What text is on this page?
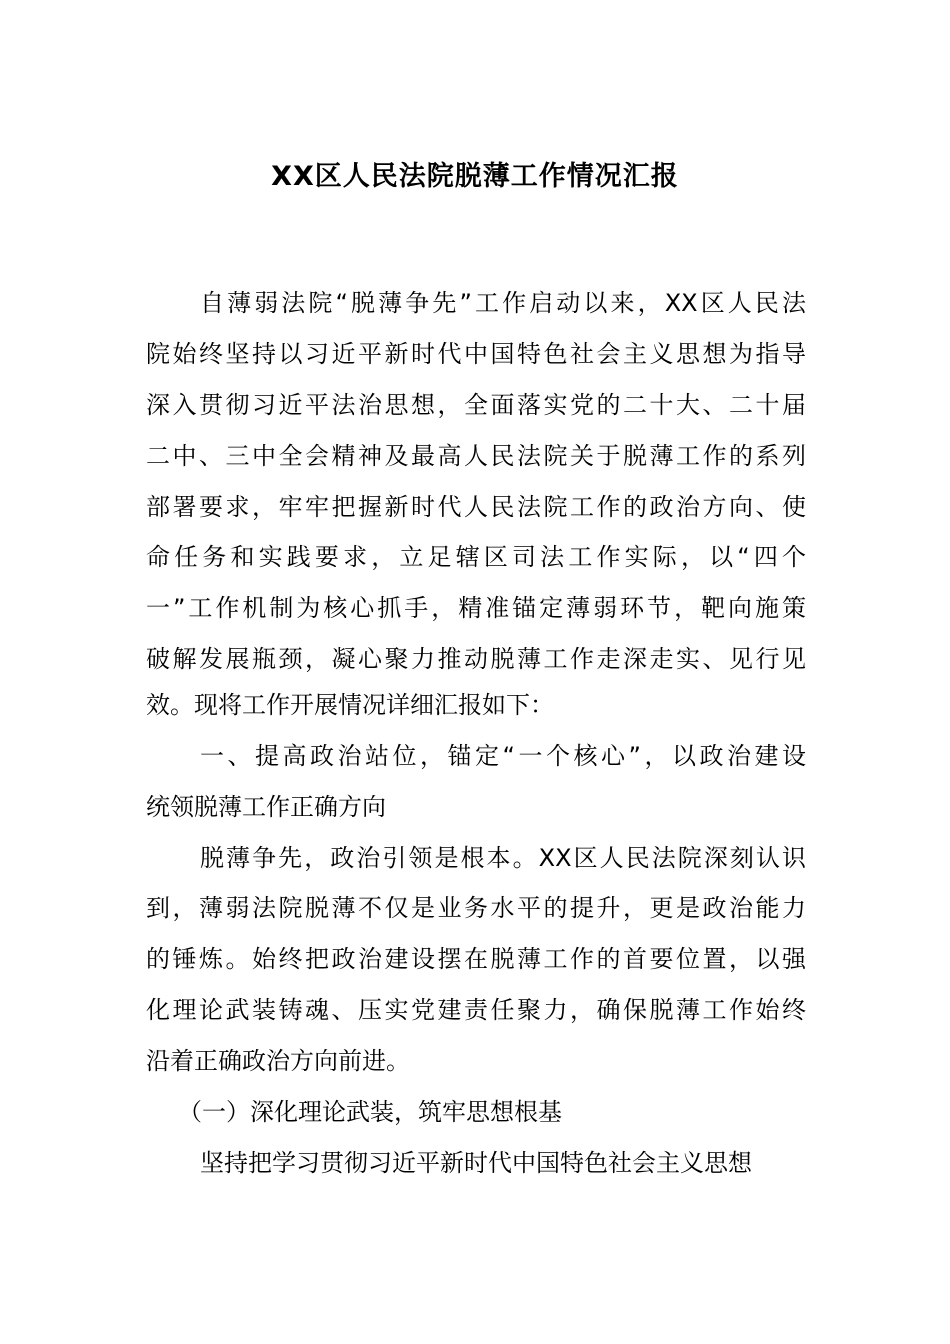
XX区人民法院脱薄工作情况汇报
自薄弱法院“脱薄争先”工作启动以来，XX区人民法
院始终坚持以习近平新时代中国特色社会主义思想为指导
深入贯彻习近平法治思想，全面落实党的二十大、二十届
二中、三中全会精神及最高人民法院关于脱薄工作的系列
部署要求，牢牢把握新时代人民法院工作的政治方向、使
命任务和实践要求，立足辖区司法工作实际，以“四个
一”工作机制为核心抓手，精准锚定薄弱环节，靶向施策
破解发展瓶颈，凝心聚力推动脱薄工作走深走实、见行见
效。现将工作开展情况详细汇报如下：
一、提高政治站位，锚定“一个核心”，以政治建设
统领脱薄工作正确方向
脱薄争先，政治引领是根本。XX区人民法院深刻认识
到，薄弱法院脱薄不仅是业务水平的提升，更是政治能力
的锤炼。始终把政治建设摆在脱薄工作的首要位置，以强
化理论武装铸魂、压实党建责任聚力，确保脱薄工作始终
沿着正确政治方向前进。
（一）深化理论武装，筑牢思想根基
坚持把学习贯彻习近平新时代中国特色社会主义思想
